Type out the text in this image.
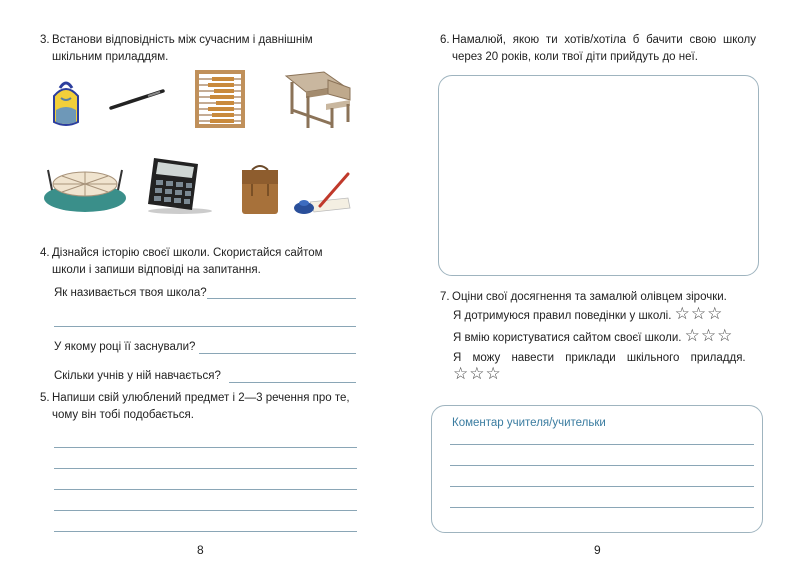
3. Встанови відповідність між сучасним і давнішнім шкільним приладдям.
4. Дізнайся історію своєї школи. Скористайся сайтом школи і запиши відповіді на запитання.
Як називається твоя школа?
У якому році її заснували?
Скільки учнів у ній навчається?
5. Напиши свій улюблений предмет і 2—3 речення про те, чому він тобі подобається.
8
6. Намалюй, якою ти хотів/хотіла б бачити свою школу через 20 років, коли твої діти прийдуть до неї.
7. Оціни свої досягнення та замалюй олівцем зірочки.
Я дотримуюся правил поведінки у школі. ☆☆☆
Я вмію користуватися сайтом своєї школи. ☆☆☆
Я можу навести приклади шкільного приладдя.
☆☆☆
Коментар учителя/учительки
9
